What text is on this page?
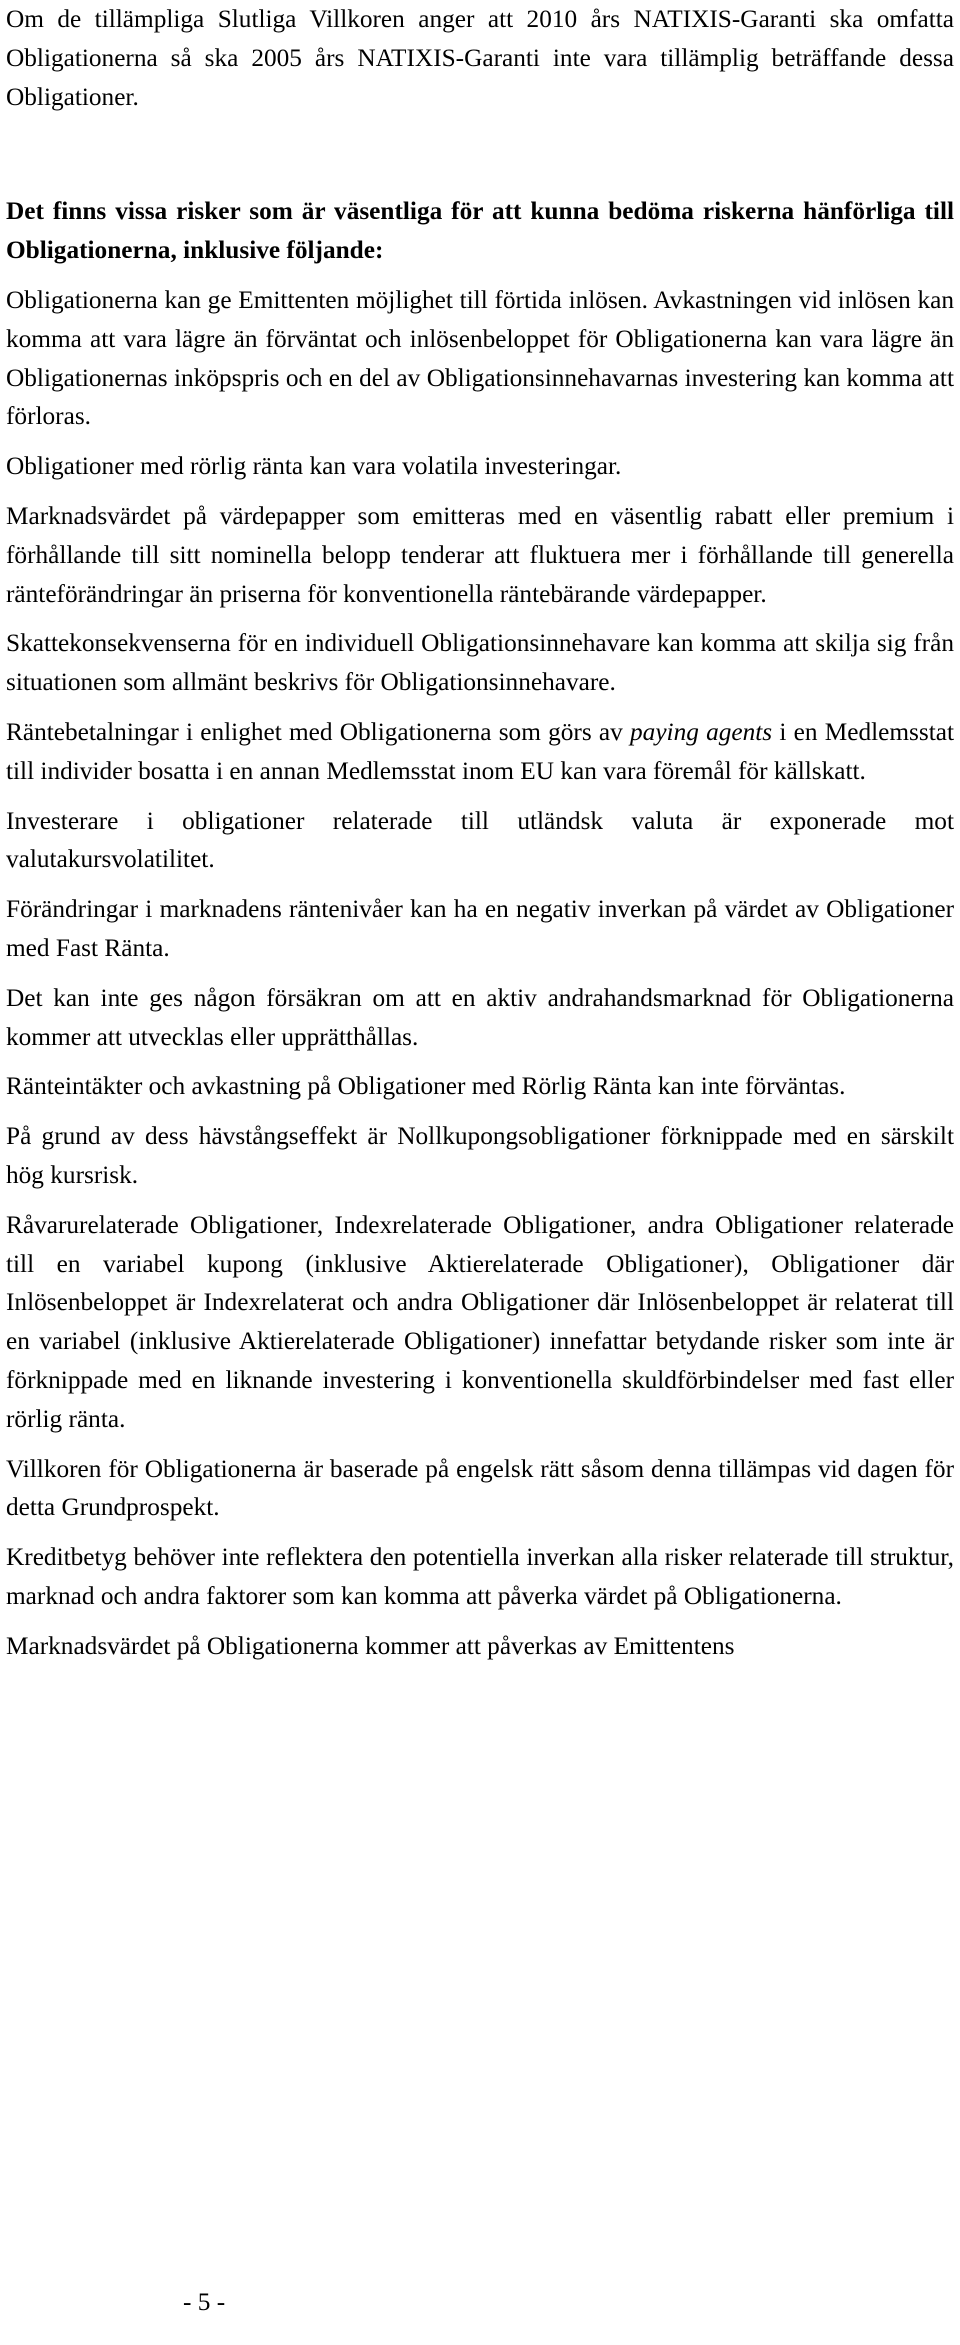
Om de tillämpliga Slutliga Villkoren anger att 2010 års NATIXIS-Garanti ska omfatta Obligationerna så ska 2005 års NATIXIS-Garanti inte vara tillämplig beträffande dessa Obligationer.

Det finns vissa risker som är väsentliga för att kunna bedöma riskerna hänförliga till Obligationerna, inklusive följande:

Obligationerna kan ge Emittenten möjlighet till förtida inlösen. Avkastningen vid inlösen kan komma att vara lägre än förväntat och inlösenbeloppet för Obligationerna kan vara lägre än Obligationernas inköpspris och en del av Obligationsinnehavarnas investering kan komma att förloras.

Obligationer med rörlig ränta kan vara volatila investeringar.

Marknadsvärdet på värdepapper som emitteras med en väsentlig rabatt eller premium i förhållande till sitt nominella belopp tenderar att fluktuera mer i förhållande till generella ränteförändringar än priserna för konventionella räntebärande värdepapper.

Skattekonsekvenserna för en individuell Obligationsinnehavare kan komma att skilja sig från situationen som allmänt beskrivs för Obligationsinnehavare.

Räntebetalningar i enlighet med Obligationerna som görs av paying agents i en Medlemsstat till individer bosatta i en annan Medlemsstat inom EU kan vara föremål för källskatt.

Investerare i obligationer relaterade till utländsk valuta är exponerade mot valutakursvolatilitet.

Förändringar i marknadens räntenivåer kan ha en negativ inverkan på värdet av Obligationer med Fast Ränta.

Det kan inte ges någon försäkran om att en aktiv andrahandsmarknad för Obligationerna kommer att utvecklas eller upprätthållas.

Ränteintäkter och avkastning på Obligationer med Rörlig Ränta kan inte förväntas.

På grund av dess hävstångseffekt är Nollkupongsobligationer förknippade med en särskilt hög kursrisk.

Råvarurelaterade Obligationer, Indexrelaterade Obligationer, andra Obligationer relaterade till en variabel kupong (inklusive Aktierelaterade Obligationer), Obligationer där Inlösenbeloppet är Indexrelaterat och andra Obligationer där Inlösenbeloppet är relaterat till en variabel (inklusive Aktierelaterade Obligationer) innefattar betydande risker som inte är förknippade med en liknande investering i konventionella skuldförbindelser med fast eller rörlig ränta.

Villkoren för Obligationerna är baserade på engelsk rätt såsom denna tillämpas vid dagen för detta Grundprospekt.

Kreditbetyg behöver inte reflektera den potentiella inverkan alla risker relaterade till struktur, marknad och andra faktorer som kan komma att påverka värdet på Obligationerna.

Marknadsvärdet på Obligationerna kommer att påverkas av Emittentens

- 5 -
